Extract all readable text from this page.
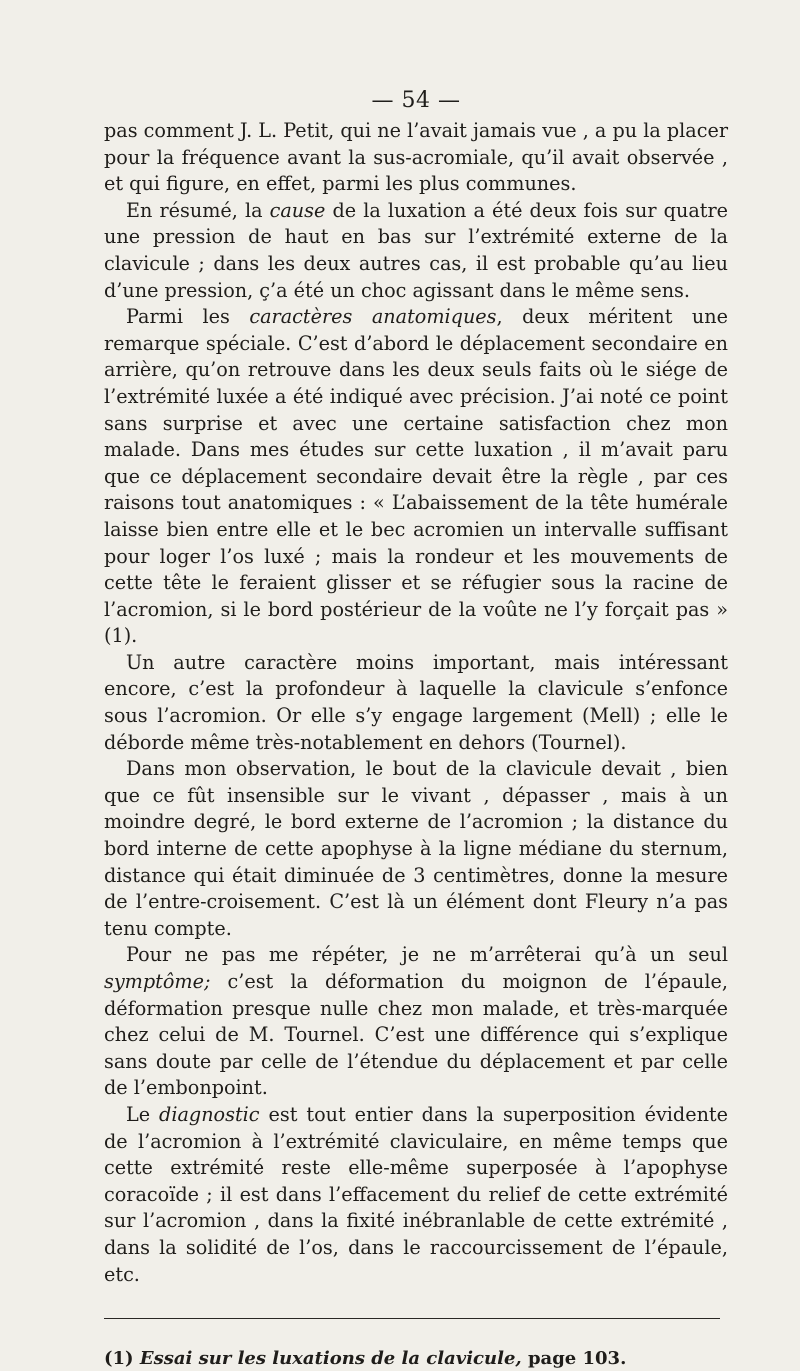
— 54 —

pas comment J. L. Petit, qui ne l’avait jamais vue , a pu la placer pour la fréquence avant la sus-acromiale, qu’il avait observée , et qui figure, en effet, parmi les plus communes.

En résumé, la cause de la luxation a été deux fois sur quatre une pression de haut en bas sur l’extrémité externe de la clavicule ; dans les deux autres cas, il est probable qu’au lieu d’une pression, ç’a été un choc agissant dans le même sens.

Parmi les caractères anatomiques, deux méritent une remarque spéciale. C’est d’abord le déplacement secondaire en arrière, qu’on retrouve dans les deux seuls faits où le siége de l’extrémité luxée a été indiqué avec précision. J’ai noté ce point sans surprise et avec une certaine satisfaction chez mon malade. Dans mes études sur cette luxation , il m’avait paru que ce déplacement secondaire devait être la règle , par ces raisons tout anatomiques : « L’abaissement de la tête humérale laisse bien entre elle et le bec acromien un intervalle suffisant pour loger l’os luxé ; mais la rondeur et les mouvements de cette tête le feraient glisser et se réfugier sous la racine de l’acromion, si le bord postérieur de la voûte ne l’y forçait pas » (1).

Un autre caractère moins important, mais intéressant encore, c’est la profondeur à laquelle la clavicule s’enfonce sous l’acromion. Or elle s’y engage largement (Mell) ; elle le déborde même très-notablement en dehors (Tournel).

Dans mon observation, le bout de la clavicule devait , bien que ce fût insensible sur le vivant , dépasser , mais à un moindre degré, le bord externe de l’acromion ; la distance du bord interne de cette apophyse à la ligne médiane du sternum, distance qui était diminuée de 3 centimètres, donne la mesure de l’entre-croisement. C’est là un élément dont Fleury n’a pas tenu compte.

Pour ne pas me répéter, je ne m’arrêterai qu’à un seul symptôme; c’est la déformation du moignon de l’épaule, déformation presque nulle chez mon malade, et très-marquée chez celui de M. Tournel. C’est une différence qui s’explique sans doute par celle de l’étendue du déplacement et par celle de l’embonpoint.

Le diagnostic est tout entier dans la superposition évidente de l’acromion à l’extrémité claviculaire, en même temps que cette extrémité reste elle-même superposée à l’apophyse coracoïde ; il est dans l’effacement du relief de cette extrémité sur l’acromion , dans la fixité inébranlable de cette extrémité , dans la solidité de l’os, dans le raccourcissement de l’épaule, etc.

(1) Essai sur les luxations de la clavicule, page 103.
